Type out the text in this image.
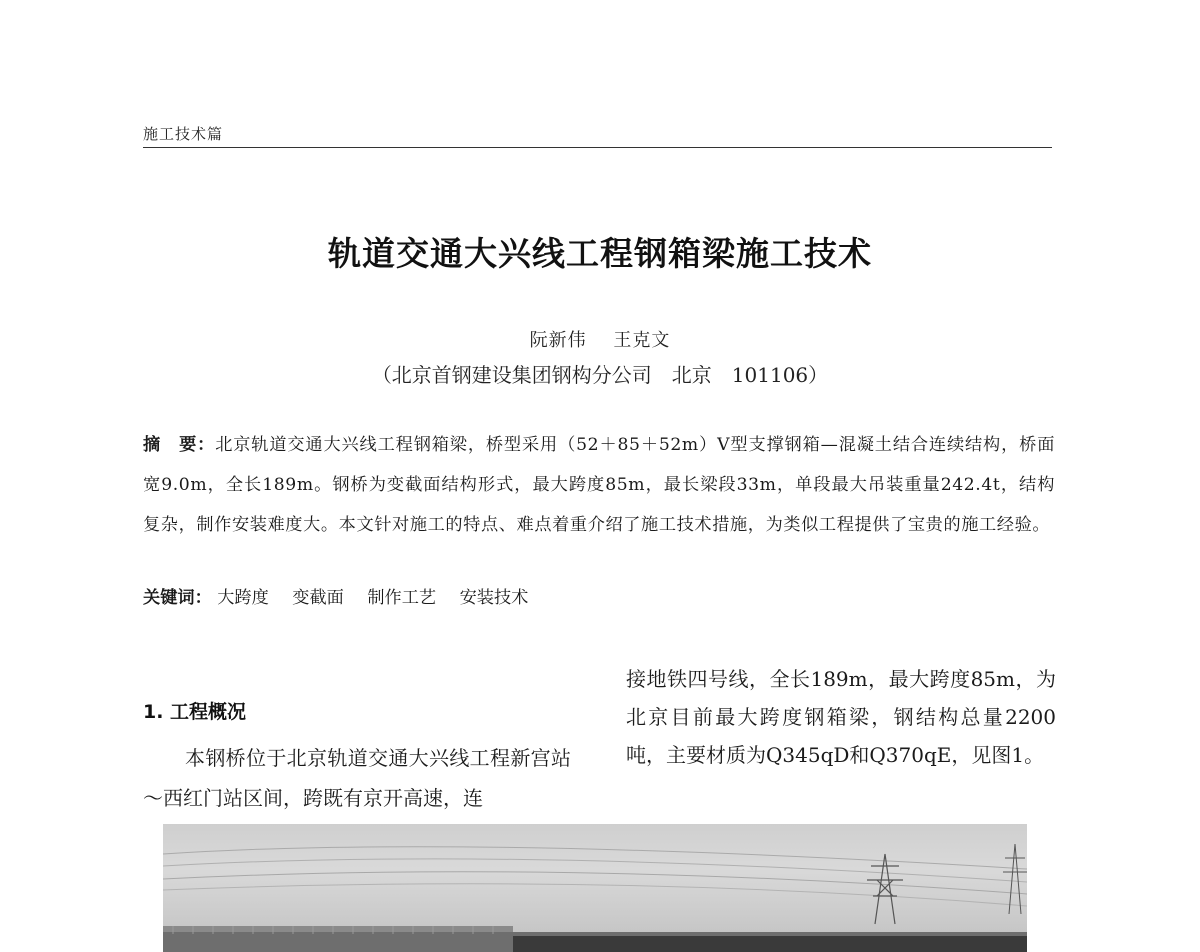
施工技术篇
轨道交通大兴线工程钢箱梁施工技术
阮新伟 王克文
（北京首钢建设集团钢构分公司　北京　101106）
摘　要：北京轨道交通大兴线工程钢箱梁，桥型采用（52＋85＋52m）V型支撑钢箱—混凝土结合连续结构，桥面宽9.0m，全长189m。钢桥为变截面结构形式，最大跨度85m，最长梁段33m，单段最大吊装重量242.4t，结构复杂，制作安装难度大。本文针对施工的特点、难点着重介绍了施工技术措施，为类似工程提供了宝贵的施工经验。
关键词： 大跨度 变截面 制作工艺 安装技术
1. 工程概况
本钢桥位于北京轨道交通大兴线工程新宫站～西红门站区间，跨既有京开高速，连
接地铁四号线，全长189m，最大跨度85m，为北京目前最大跨度钢箱梁，钢结构总量2200吨，主要材质为Q345qD和Q370qE，见图1。
